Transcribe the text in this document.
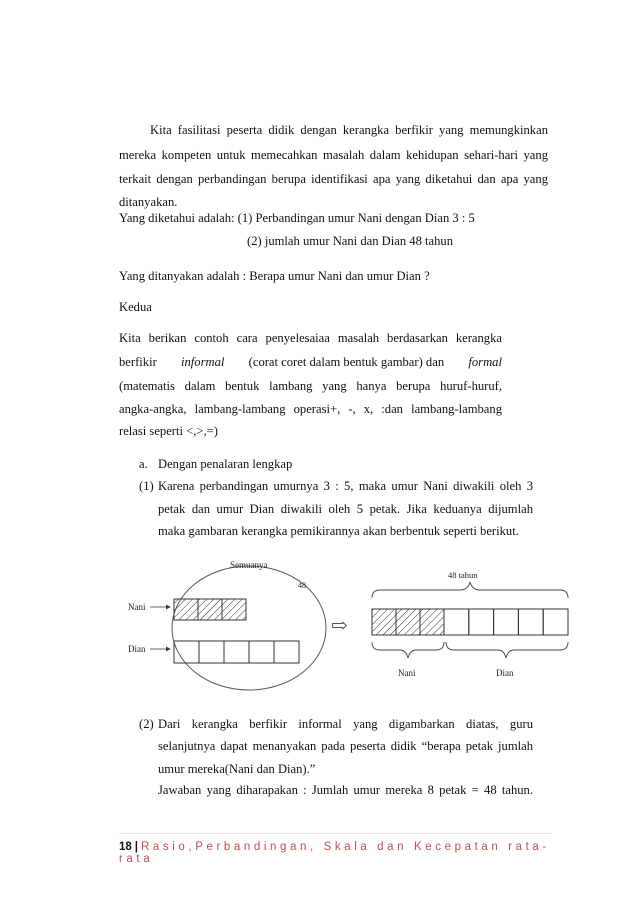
Kita fasilitasi peserta didik dengan kerangka berfikir yang memungkinkan
mereka kompeten untuk memecahkan masalah dalam kehidupan sehari-hari yang
terkait dengan perbandingan berupa identifikasi apa yang diketahui dan apa yang
ditanyakan.
Yang diketahui adalah: (1) Perbandingan umur Nani dengan Dian 3 : 5
(2) jumlah umur Nani dan Dian 48 tahun
Yang ditanyakan adalah : Berapa umur Nani dan umur Dian ?
Kedua
Kita berikan contoh cara penyelesaiaa masalah berdasarkan kerangka
berfikir informal (corat coret dalam bentuk gambar) dan formal
(matematis dalam bentuk lambang yang hanya berupa huruf-huruf,
angka-angka, lambang-lambang operasi+, -, x, :dan lambang-lambang
relasi seperti <,>,=)
a. Dengan penalaran lengkap
(1) Karena perbandingan umurnya 3 : 5, maka umur Nani diwakili oleh 3
petak dan umur Dian diwakili oleh 5 petak. Jika keduanya dijumlah
maka gambaran kerangka pemikirannya akan berbentuk seperti berikut.
Semuanya
48
Nani
Dian
⇨
48 tahun
Nani	Dian
(2) Dari kerangka berfikir informal yang digambarkan diatas, guru
selanjutnya dapat menanyakan pada peserta didik “berapa petak jumlah
umur mereka(Nani dan Dian).”
Jawaban yang diharapakan : Jumlah umur mereka 8 petak = 48 tahun.
18 | Rasio,Perbandingan, Skala dan Kecepatan rata-rata
